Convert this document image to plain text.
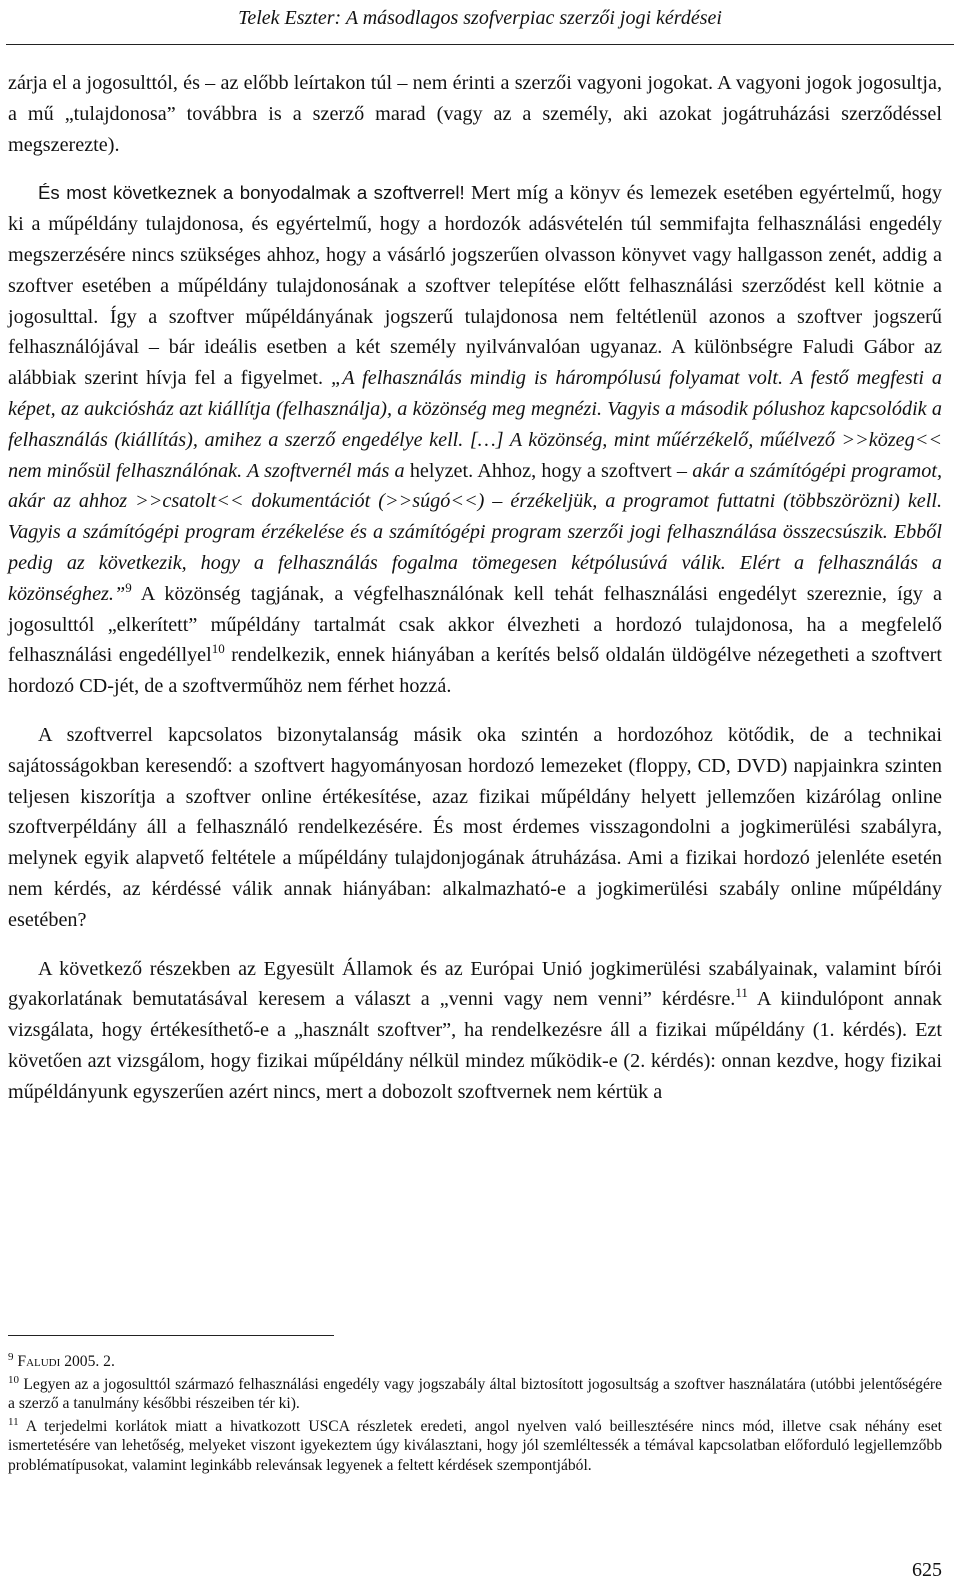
Telek Eszter: A másodlagos szofverpiac szerzői jogi kérdései

zárja el a jogosulttól, és – az előbb leírtakon túl – nem érinti a szerzői vagyoni jogokat. A vagyoni jogok jogosultja, a mű „tulajdonosa” továbbra is a szerző marad (vagy az a személy, aki azokat jogátruházási szerződéssel megszerezte).

És most következnek a bonyodalmak a szoftverrel! Mert míg a könyv és lemezek esetében egyértelmű, hogy ki a műpéldány tulajdonosa, és egyértelmű, hogy a hordozók adásvételén túl semmifajta felhasználási engedély megszerzésére nincs szükséges ahhoz, hogy a vásárló jogszerűen olvasson könyvet vagy hallgasson zenét, addig a szoftver esetében a műpéldány tulajdonosának a szoftver telepítése előtt felhasználási szerződést kell kötnie a jogosulttal. Így a szoftver műpéldányának jogszerű tulajdonosa nem feltétlenül azonos a szoftver jogszerű felhasználójával – bár ideális esetben a két személy nyilvánvalóan ugyanaz. A különbségre Faludi Gábor az alábbiak szerint hívja fel a figyelmet. „A felhasználás mindig is hárompólusú folyamat volt. A festő megfesti a képet, az aukciósház azt kiállítja (felhasználja), a közönség meg megnézi. Vagyis a második pólushoz kapcsolódik a felhasználás (kiállítás), amihez a szerző engedélye kell. […] A közönség, mint műérzékelő, műélvező >>közeg<< nem minősül felhasználónak. A szoftvernél más a helyzet. Ahhoz, hogy a szoftvert – akár a számítógépi programot, akár az ahhoz >>csatolt<< dokumentációt (>>súgó<<) – érzékeljük, a programot futtatni (többszörözni) kell. Vagyis a számítógépi program érzékelése és a számítógépi program szerzői jogi felhasználása összecsúszik. Ebből pedig az következik, hogy a felhasználás fogalma tömegesen kétpólusúvá válik. Elért a felhasználás a közönséghez.”$^9$ A közönség tagjának, a végfelhasználónak kell tehát felhasználási engedélyt szereznie, így a jogosulttól „elkerített” műpéldány tartalmát csak akkor élvezheti a hordozó tulajdonosa, ha a megfelelő felhasználási engedéllyel$^{10}$ rendelkezik, ennek hiányában a kerítés belső oldalán üldögélve nézegetheti a szoftvert hordozó CD-jét, de a szoftverműhöz nem férhet hozzá.

A szoftverrel kapcsolatos bizonytalanság másik oka szintén a hordozóhoz kötődik, de a technikai sajátosságokban keresendő: a szoftvert hagyományosan hordozó lemezeket (floppy, CD, DVD) napjainkra szinten teljesen kiszorítja a szoftver online értékesítése, azaz fizikai műpéldány helyett jellemzően kizárólag online szoftverpéldány áll a felhasználó rendelkezésére. És most érdemes visszagondolni a jogkimerülési szabályra, melynek egyik alapvető feltétele a műpéldány tulajdonjogának átruházása. Ami a fizikai hordozó jelenléte esetén nem kérdés, az kérdéssé válik annak hiányában: alkalmazható-e a jogkimerülési szabály online műpéldány esetében?

A következő részekben az Egyesült Államok és az Európai Unió jogkimerülési szabályainak, valamint bírói gyakorlatának bemutatásával keresem a választ a „venni vagy nem venni” kérdésre.$^{11}$ A kiindulópont annak vizsgálata, hogy értékesíthető-e a „használt szoftver”, ha rendelkezésre áll a fizikai műpéldány (1. kérdés). Ezt követően azt vizsgálom, hogy fizikai műpéldány nélkül mindez működik-e (2. kérdés): onnan kezdve, hogy fizikai műpéldányunk egyszerűen azért nincs, mert a dobozolt szoftvernek nem kértük a

$^9$ Faludi 2005. 2.

$^{10}$ Legyen az a jogosulttól származó felhasználási engedély vagy jogszabály által biztosított jogosultság a szoftver használatára (utóbbi jelentőségére a szerző a tanulmány későbbi részeiben tér ki).

$^{11}$ A terjedelmi korlátok miatt a hivatkozott USCA részletek eredeti, angol nyelven való beillesztésére nincs mód, illetve csak néhány eset ismertetésére van lehetőség, melyeket viszont igyekeztem úgy kiválasztani, hogy jól szemléltessék a témával kapcsolatban előforduló legjellemzőbb problématípusokat, valamint leginkább relevánsak legyenek a feltett kérdések szempontjából.

625
